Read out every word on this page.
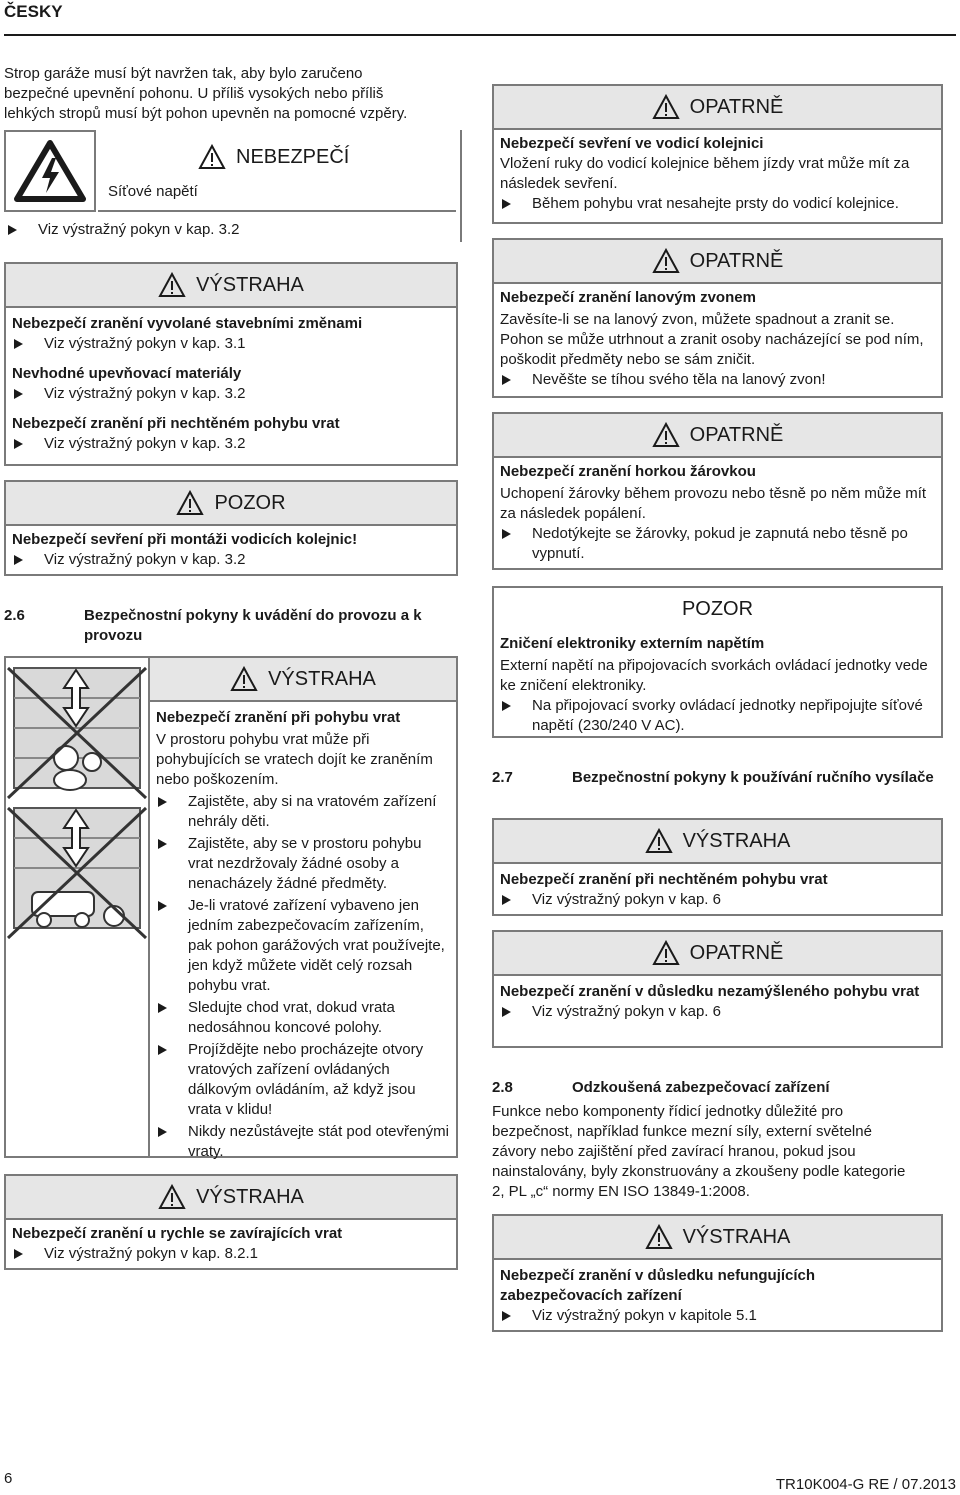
ČESKY
Strop garáže musí být navržen tak, aby bylo zaručeno
bezpečné upevnění pohonu. U příliš vysokých nebo příliš
lehkých stropů musí být pohon upevněn na pomocné vzpěry.
NEBEZPEČÍ
Síťové napětí
Viz výstražný pokyn v kap. 3.2
VÝSTRAHA

Nebezpečí zranění vyvolané stavebními změnami

Viz výstražný pokyn v kap. 3.1

Nevhodné upevňovací materiály

Viz výstražný pokyn v kap. 3.2

Nebezpečí zranění při nechtěném pohybu vrat

Viz výstražný pokyn v kap. 3.2
POZOR

Nebezpečí sevření při montáži vodicích kolejnic!

Viz výstražný pokyn v kap. 3.2
2.6	Bezpečnostní pokyny k uvádění do provozu a k provozu
VÝSTRAHA

Nebezpečí zranění při pohybu vrat

V prostoru pohybu vrat může při pohybujících se vratech dojít ke zraněním nebo poškozením.

Zajistěte, aby si na vratovém zařízení nehrály děti.
Zajistěte, aby se v prostoru pohybu vrat nezdržovaly žádné osoby a nenacházely žádné předměty.
Je-li vratové zařízení vybaveno jen jedním zabezpečovacím zařízením, pak pohon garážových vrat používejte, jen když můžete vidět celý rozsah pohybu vrat.
Sledujte chod vrat, dokud vrata nedosáhnou koncové polohy.
Projíždějte nebo procházejte otvory vratových zařízení ovládaných dálkovým ovládáním, až když jsou vrata v klidu!
Nikdy nezůstávejte stát pod otevřenými vraty.
VÝSTRAHA

Nebezpečí zranění u rychle se zavírajících vrat

Viz výstražný pokyn v kap. 8.2.1
OPATRNĚ

Nebezpečí sevření ve vodicí kolejnici

Vložení ruky do vodicí kolejnice během jízdy vrat může mít za následek sevření.

Během pohybu vrat nesahejte prsty do vodicí kolejnice.
OPATRNĚ

Nebezpečí zranění lanovým zvonem

Zavěsíte-li se na lanový zvon, můžete spadnout a zranit se. Pohon se může utrhnout a zranit osoby nacházející se pod ním, poškodit předměty nebo se sám zničit.

Nevěšte se tíhou svého těla na lanový zvon!
OPATRNĚ

Nebezpečí zranění horkou žárovkou

Uchopení žárovky během provozu nebo těsně po něm může mít za následek popálení.

Nedotýkejte se žárovky, pokud je zapnutá nebo těsně po vypnutí.
POZOR

Zničení elektroniky externím napětím

Externí napětí na připojovacích svorkách ovládací jednotky vede ke zničení elektroniky.

Na připojovací svorky ovládací jednotky nepřipojujte síťové napětí (230/240 V AC).
2.7	Bezpečnostní pokyny k používání ručního vysílače
VÝSTRAHA

Nebezpečí zranění při nechtěném pohybu vrat

Viz výstražný pokyn v kap. 6
OPATRNĚ

Nebezpečí zranění v důsledku nezamýšleného pohybu vrat

Viz výstražný pokyn v kap. 6
2.8	Odzkoušená zabezpečovací zařízení
Funkce nebo komponenty řídicí jednotky důležité pro bezpečnost, například funkce mezní síly, externí světelné závory nebo zajištění před zavírací hranou, pokud jsou nainstalovány, byly zkonstruovány a zkoušeny podle kategorie 2, PL „c“ normy EN ISO 13849-1:2008.
VÝSTRAHA

Nebezpečí zranění v důsledku nefungujících zabezpečovacích zařízení

Viz výstražný pokyn v kapitole 5.1
6	TR10K004-G RE / 07.2013
